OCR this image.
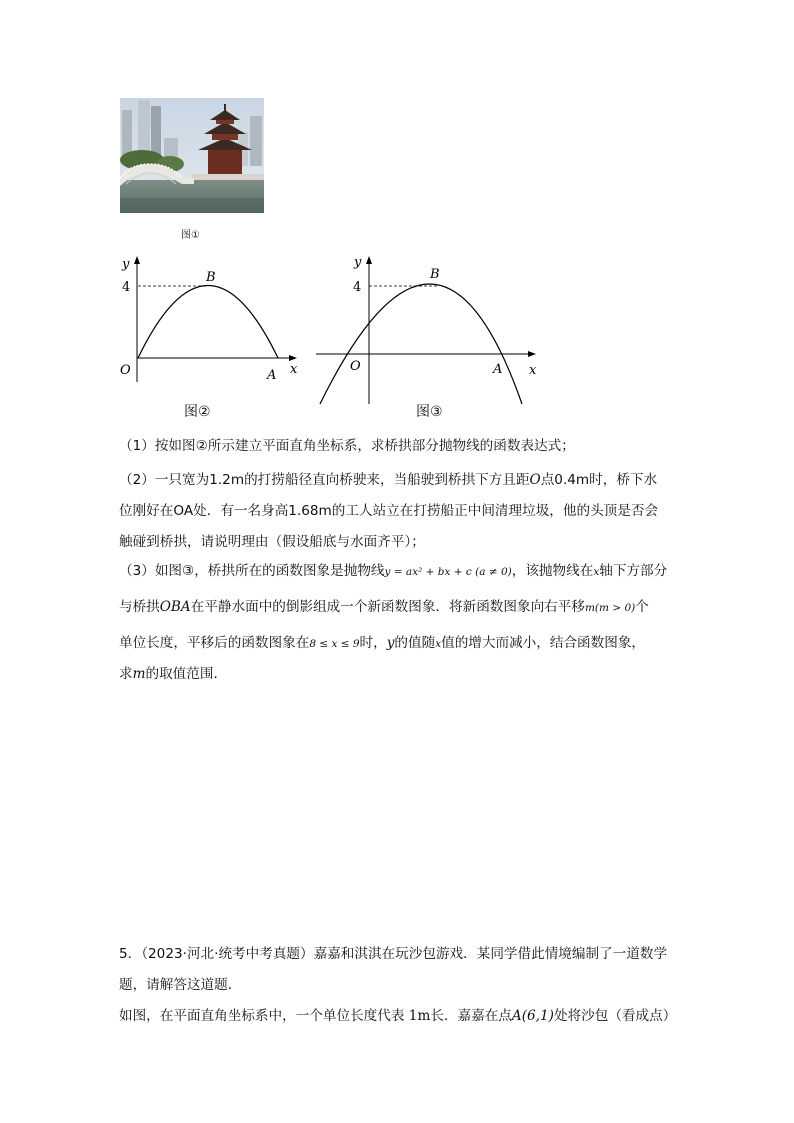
图①
y
4
B
O	A x
图②
y
4
B
O	A x
图③
（1）按如图②所示建立平面直角坐标系，求桥拱部分抛物线的函数表达式；
（2）一只宽为1.2m的打捞船径直向桥驶来，当船驶到桥拱下方且距O点0.4m时，桥下水
位刚好在OA处．有一名身高1.68m的工人站立在打捞船正中间清理垃圾，他的头顶是否会
触碰到桥拱，请说明理由（假设船底与水面齐平）；
（3）如图③，桥拱所在的函数图象是抛物线y = ax² + bx + c (a ≠ 0)，该抛物线在x轴下方部分
与桥拱OBA在平静水面中的倒影组成一个新函数图象．将新函数图象向右平移m(m > 0)个
单位长度，平移后的函数图象在8 ≤ x ≤ 9时，y的值随x值的增大而减小，结合函数图象，
求m的取值范围．
5．（2023·河北·统考中考真题）嘉嘉和淇淇在玩沙包游戏．某同学借此情境编制了一道数学
题，请解答这道题．
如图，在平面直角坐标系中，一个单位长度代表 1m长．嘉嘉在点A(6,1)处将沙包（看成点）
